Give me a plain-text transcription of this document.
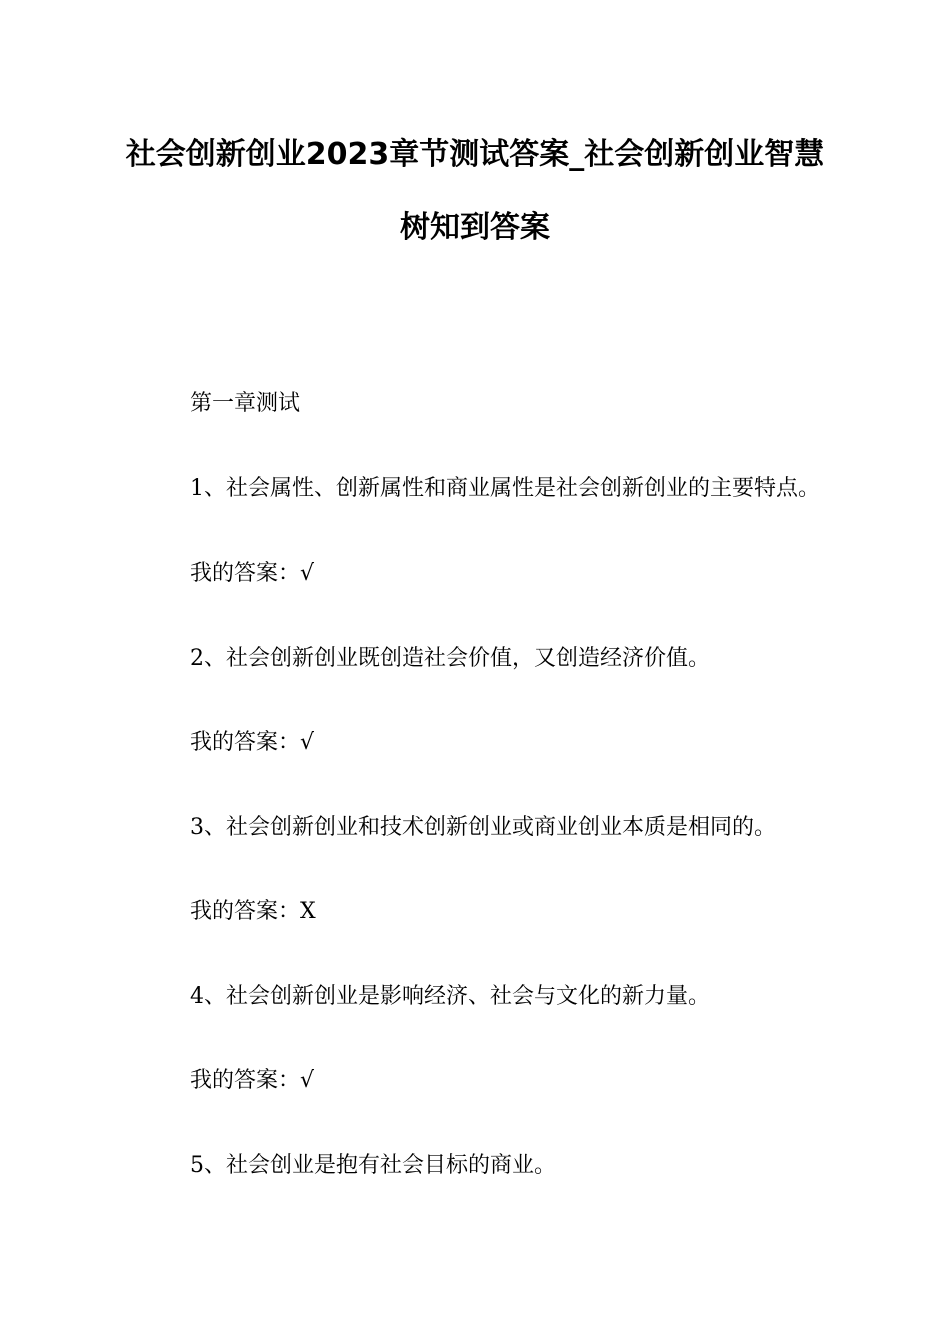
社会创新创业2023章节测试答案_社会创新创业智慧
树知到答案
第一章测试
1、社会属性、创新属性和商业属性是社会创新创业的主要特点。
我的答案：√
2、社会创新创业既创造社会价值，又创造经济价值。
我的答案：√
3、社会创新创业和技术创新创业或商业创业本质是相同的。
我的答案：X
4、社会创新创业是影响经济、社会与文化的新力量。
我的答案：√
5、社会创业是抱有社会目标的商业。
